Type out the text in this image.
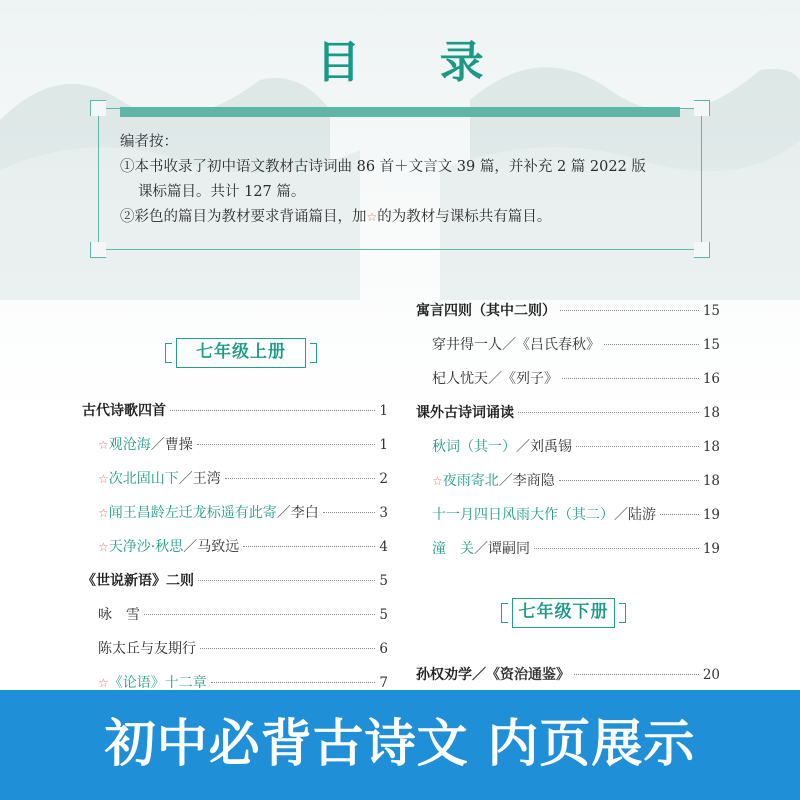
目 录
编者按：
①本书收录了初中语文教材古诗词曲 86 首＋文言文 39 篇，并补充 2 篇 2022 版
课标篇目。共计 127 篇。
②彩色的篇目为教材要求背诵篇目，加☆的为教材与课标共有篇目。
七年级上册
七年级下册
古代诗歌四首	1
☆观沧海／曹操	1
☆次北固山下／王湾	2
☆闻王昌龄左迁龙标遥有此寄／李白	3
☆天净沙·秋思／马致远	4
《世说新语》二则	5
咏　雪	5
陈太丘与友期行	6
☆《论语》十二章	7
寓言四则（其中二则）	15
穿井得一人／《吕氏春秋》	15
杞人忧天／《列子》	16
课外古诗词诵读	18
秋词（其一）／刘禹锡	18
☆夜雨寄北／李商隐	18
十一月四日风雨大作（其二）／陆游	19
潼　关／谭嗣同	19
孙权劝学／《资治通鉴》	20
初中必背古诗文 内页展示
